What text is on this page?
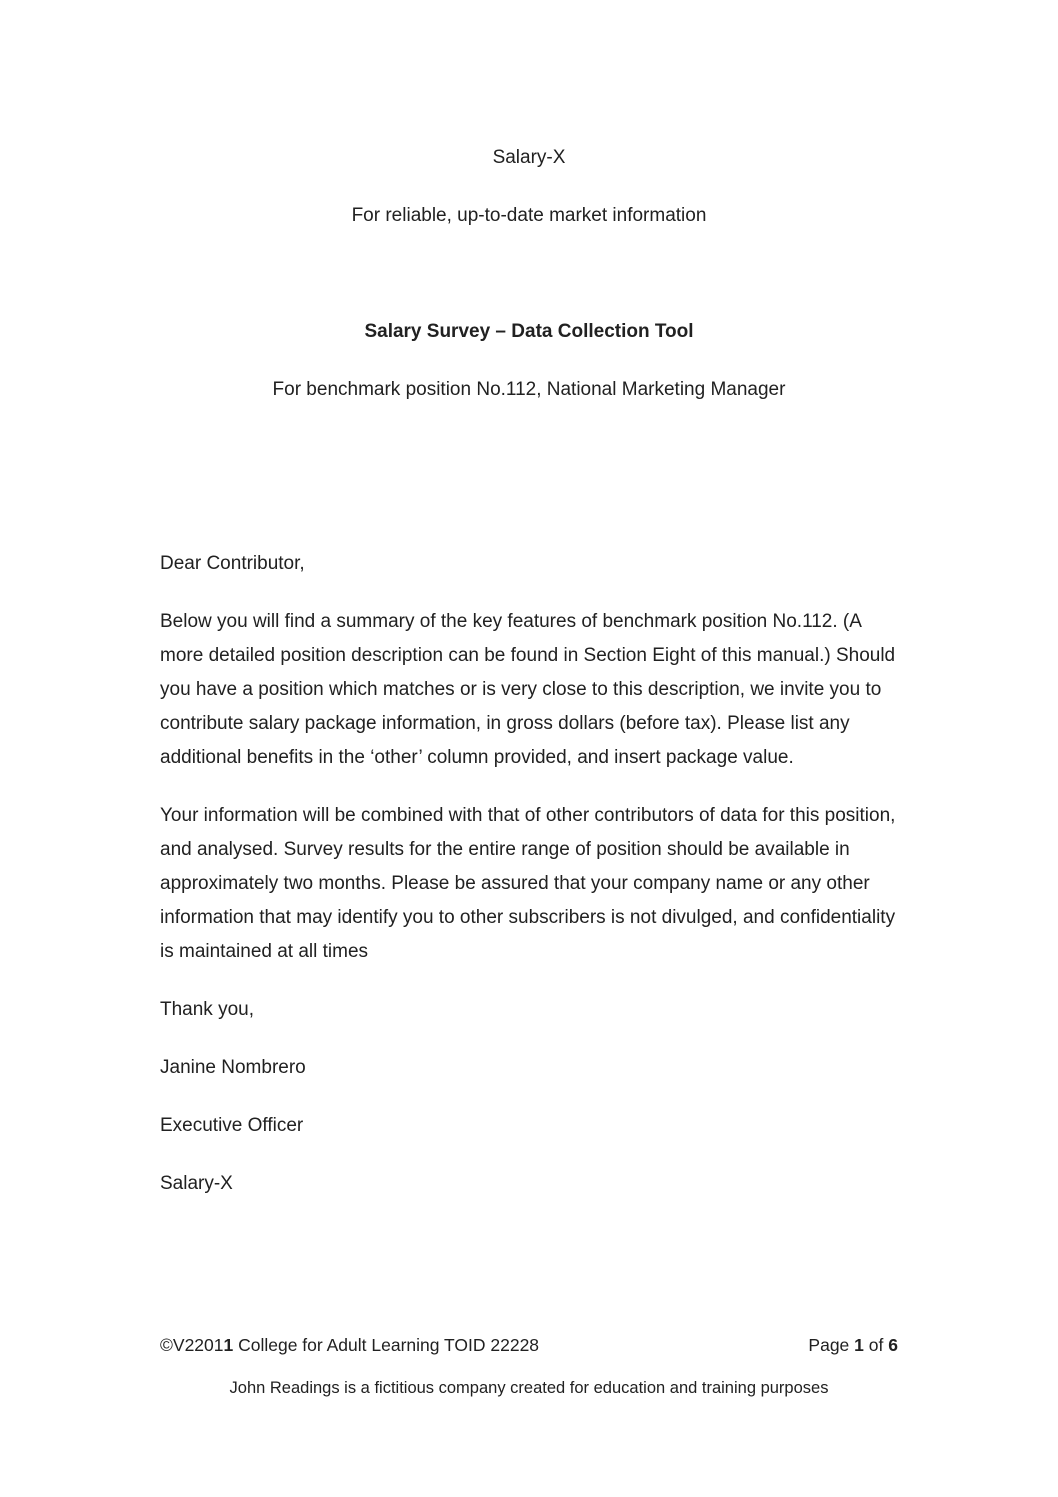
Salary-X

For reliable, up-to-date market information

Salary Survey – Data Collection Tool

For benchmark position No.112, National Marketing Manager

Dear Contributor,

Below you will find a summary of the key features of benchmark position No.112. (A more detailed position description can be found in Section Eight of this manual.) Should you have a position which matches or is very close to this description, we invite you to contribute salary package information, in gross dollars (before tax). Please list any additional benefits in the ‘other’ column provided, and insert package value.

Your information will be combined with that of other contributors of data for this position, and analysed. Survey results for the entire range of position should be available in approximately two months. Please be assured that your company name or any other information that may identify you to other subscribers is not divulged, and confidentiality is maintained at all times

Thank you,

Janine Nombrero

Executive Officer

Salary-X

©V22011 College for Adult Learning TOID 22228	Page 1 of 6
John Readings is a fictitious company created for education and training purposes
